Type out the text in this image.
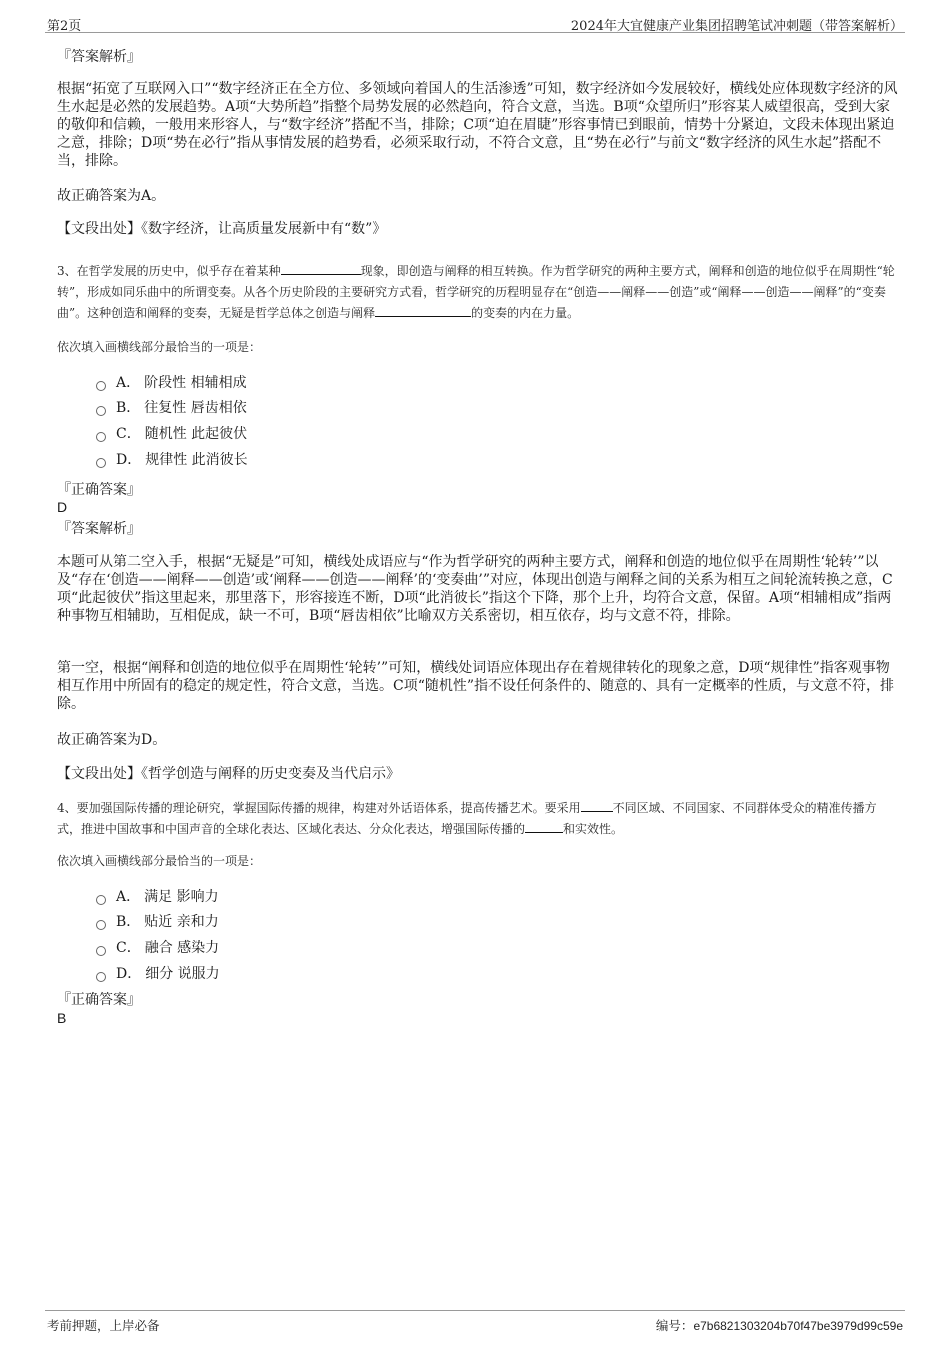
第2页	2024年大宜健康产业集团招聘笔试冲刺题（带答案解析）
『答案解析』
根据“拓宽了互联网入口”“数字经济正在全方位、多领域向着国人的生活渗透”可知，数字经济如今发展较好，横线处应体现数字经济的风生水起是必然的发展趋势。A项“大势所趋”指整个局势发展的必然趋向，符合文意，当选。B项“众望所归”形容某人威望很高，受到大家的敬仰和信赖，一般用来形容人，与“数字经济”搭配不当，排除；C项“迫在眉睫”形容事情已到眼前，情势十分紧迫，文段未体现出紧迫之意，排除；D项“势在必行”指从事情发展的趋势看，必须采取行动，不符合文意，且“势在必行”与前文“数字经济的风生水起”搭配不当，排除。
故正确答案为A。
【文段出处】《数字经济，让高质量发展新中有“数”》
3、在哲学发展的历史中，似乎存在着某种	现象，即创造与阐释的相互转换。作为哲学研究的两种主要方式，阐释和创造的地位似乎在周期性“轮转”，形成如同乐曲中的所谓变奏。从各个历史阶段的主要研究方式看，哲学研究的历程明显存在“创造——阐释——创造”或“阐释——创造——阐释”的“变奏曲”。这种创造和阐释的变奏，无疑是哲学总体之创造与阐释	的变奏的内在力量。
依次填入画横线部分最恰当的一项是：
A． 阶段性 相辅相成
B． 往复性 唇齿相依
C． 随机性 此起彼伏
D． 规律性 此消彼长
『正确答案』
D
『答案解析』
本题可从第二空入手，根据“无疑是”可知，横线处成语应与“作为哲学研究的两种主要方式，阐释和创造的地位似乎在周期性‘轮转’”以及“存在‘创造——阐释——创造’或‘阐释——创造——阐释’的‘变奏曲’”对应，体现出创造与阐释之间的关系为相互之间轮流转换之意，C项“此起彼伏”指这里起来，那里落下，形容接连不断，D项“此消彼长”指这个下降，那个上升，均符合文意，保留。A项“相辅相成”指两种事物互相辅助，互相促成，缺一不可，B项“唇齿相依”比喻双方关系密切，相互依存，均与文意不符，排除。
第一空，根据“阐释和创造的地位似乎在周期性‘轮转’”可知，横线处词语应体现出存在着规律转化的现象之意，D项“规律性”指客观事物相互作用中所固有的稳定的规定性，符合文意，当选。C项“随机性”指不设任何条件的、随意的、具有一定概率的性质，与文意不符，排除。
故正确答案为D。
【文段出处】《哲学创造与阐释的历史变奏及当代启示》
4、要加强国际传播的理论研究，掌握国际传播的规律，构建对外话语体系，提高传播艺术。要采用	不同区域、不同国家、不同群体受众的精准传播方式，推进中国故事和中国声音的全球化表达、区域化表达、分众化表达，增强国际传播的	和实效性。
依次填入画横线部分最恰当的一项是：
A． 满足 影响力
B． 贴近 亲和力
C． 融合 感染力
D． 细分 说服力
『正确答案』
B
考前押题，上岸必备	编号：e7b6821303204b70f47be3979d99c59e
